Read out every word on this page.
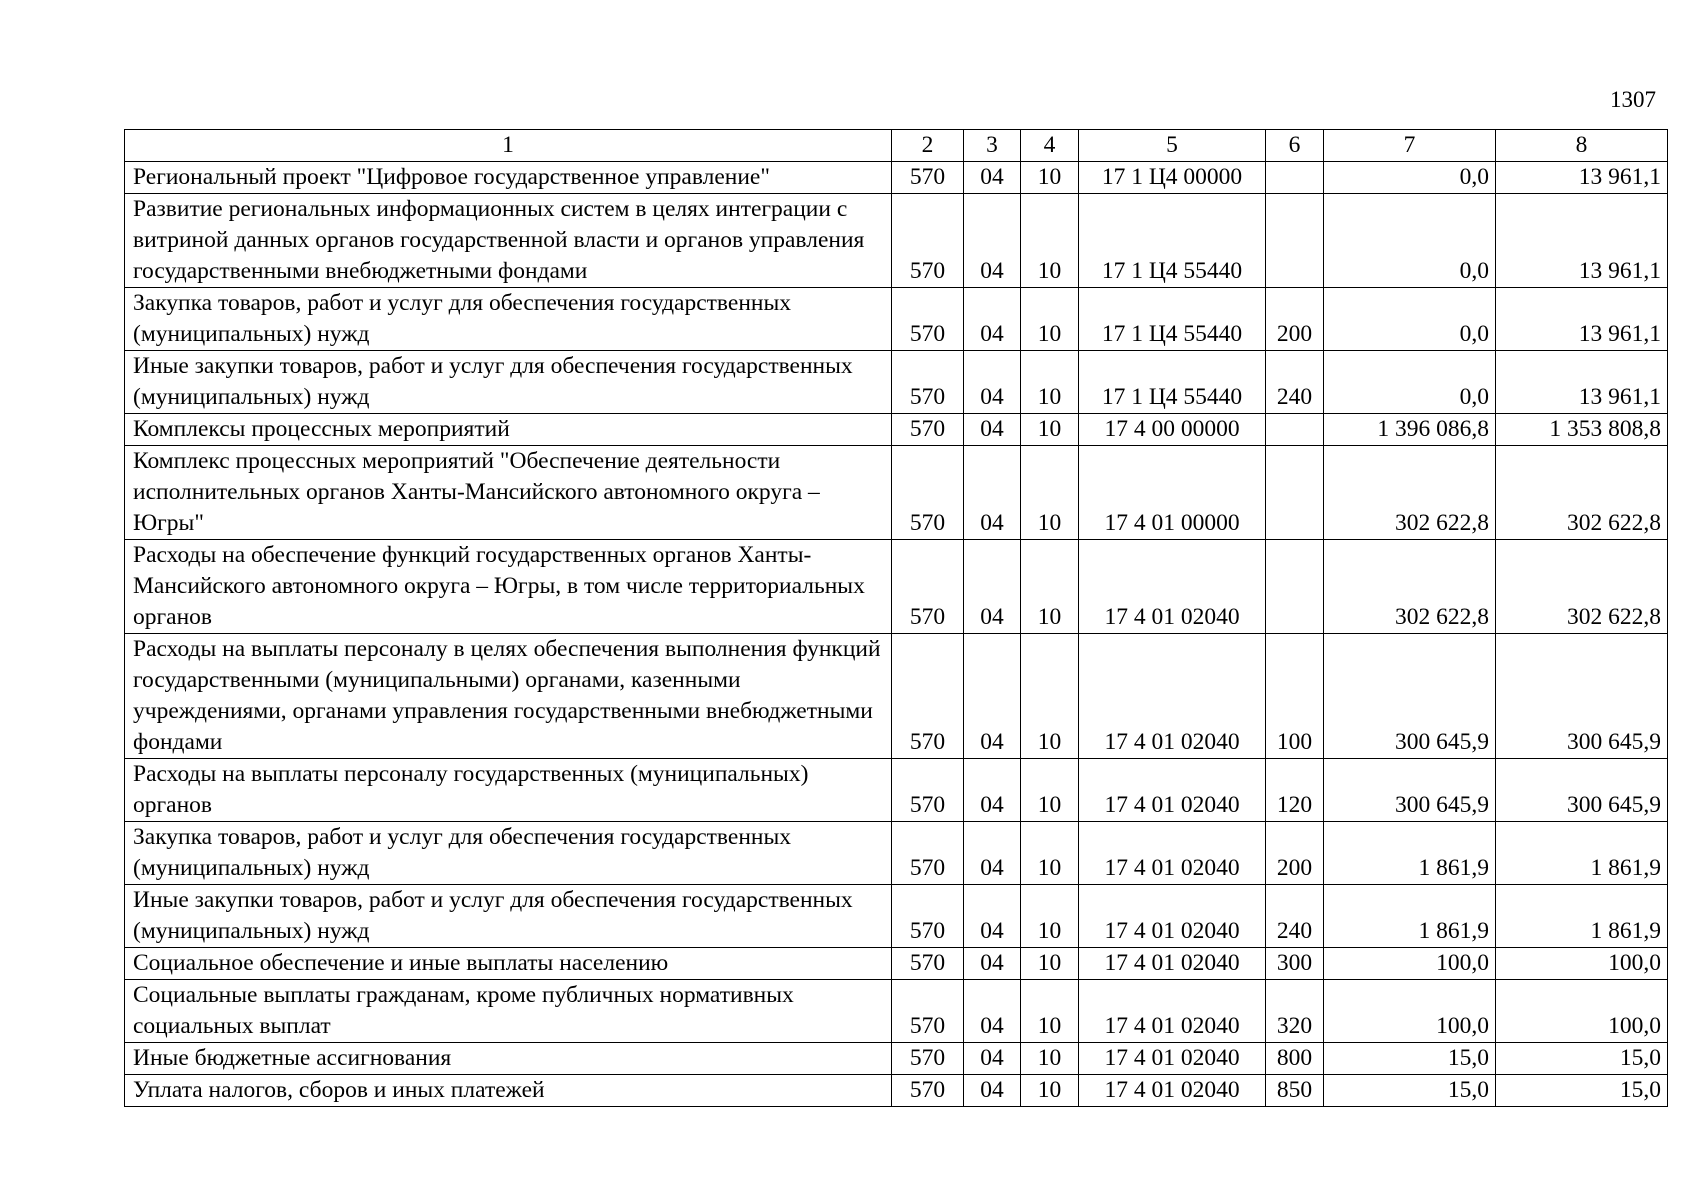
1307
1	2	3	4	5	6	7	8
Региональный проект "Цифровое государственное управление"	570	04	10	17 1 Ц4 00000		0,0	13 961,1
Развитие региональных информационных систем в целях интеграции с витриной данных органов государственной власти и органов управления государственными внебюджетными фондами	570	04	10	17 1 Ц4 55440		0,0	13 961,1
Закупка товаров, работ и услуг для обеспечения государственных (муниципальных) нужд	570	04	10	17 1 Ц4 55440	200	0,0	13 961,1
Иные закупки товаров, работ и услуг для обеспечения государственных (муниципальных) нужд	570	04	10	17 1 Ц4 55440	240	0,0	13 961,1
Комплексы процессных мероприятий	570	04	10	17 4 00 00000		1 396 086,8	1 353 808,8
Комплекс процессных мероприятий "Обеспечение деятельности исполнительных органов Ханты-Мансийского автономного округа – Югры"	570	04	10	17 4 01 00000		302 622,8	302 622,8
Расходы на обеспечение функций государственных органов Ханты-Мансийского автономного округа – Югры, в том числе территориальных органов	570	04	10	17 4 01 02040		302 622,8	302 622,8
Расходы на выплаты персоналу в целях обеспечения выполнения функций государственными (муниципальными) органами, казенными учреждениями, органами управления государственными внебюджетными фондами	570	04	10	17 4 01 02040	100	300 645,9	300 645,9
Расходы на выплаты персоналу государственных (муниципальных) органов	570	04	10	17 4 01 02040	120	300 645,9	300 645,9
Закупка товаров, работ и услуг для обеспечения государственных (муниципальных) нужд	570	04	10	17 4 01 02040	200	1 861,9	1 861,9
Иные закупки товаров, работ и услуг для обеспечения государственных (муниципальных) нужд	570	04	10	17 4 01 02040	240	1 861,9	1 861,9
Социальное обеспечение и иные выплаты населению	570	04	10	17 4 01 02040	300	100,0	100,0
Социальные выплаты гражданам, кроме публичных нормативных социальных выплат	570	04	10	17 4 01 02040	320	100,0	100,0
Иные бюджетные ассигнования	570	04	10	17 4 01 02040	800	15,0	15,0
Уплата налогов, сборов и иных платежей	570	04	10	17 4 01 02040	850	15,0	15,0
